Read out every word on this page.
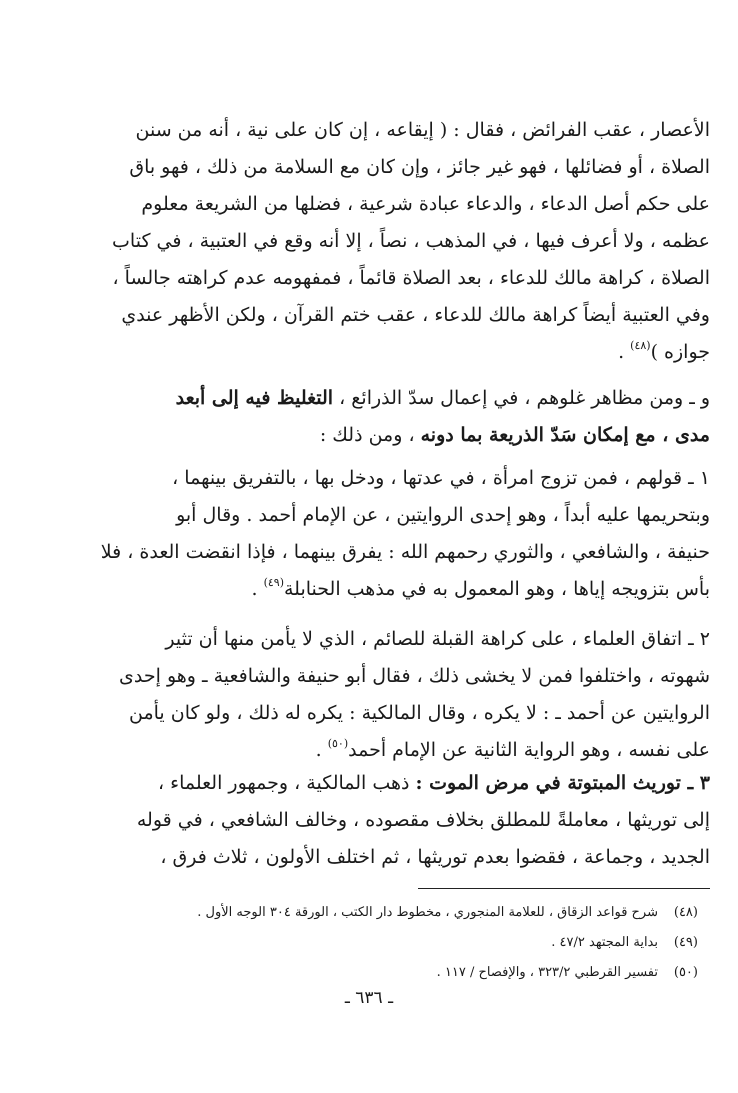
الأعصار ، عقب الفرائض ، فقال : ( إيقاعه ، إن كان على نية ، أنه من سنن
الصلاة ، أو فضائلها ، فهو غير جائز ، وإن كان مع السلامة من ذلك ، فهو باق
على حكم أصل الدعاء ، والدعاء عبادة شرعية ، فضلها من الشريعة معلوم
عظمه ، ولا أعرف فيها ، في المذهب ، نصاً ، إلا أنه وقع في العتبية ، في كتاب
الصلاة ، كراهة مالك للدعاء ، بعد الصلاة قائماً ، فمفهومه عدم كراهته جالساً ،
وفي العتبية أيضاً كراهة مالك للدعاء ، عقب ختم القرآن ، ولكن الأظهر عندي
جوازه )$^{(٤٨)}$ .
و ـ ومن مظاهر غلوهم ، في إعمال سدّ الذرائع ، التغليظ فيه إلى أبعد
مدى ، مع إمكان سَدّ الذريعة بما دونه ، ومن ذلك :
١ ـ قولهم ، فمن تزوج امرأة ، في عدتها ، ودخل بها ، بالتفريق بينهما ،
وبتحريمها عليه أبداً ، وهو إحدى الروايتين ، عن الإمام أحمد . وقال أبو
حنيفة ، والشافعي ، والثوري رحمهم الله : يفرق بينهما ، فإذا انقضت العدة ، فلا
بأس بتزويجه إياها ، وهو المعمول به في مذهب الحنابلة$^{(٤٩)}$ .
٢ ـ اتفاق العلماء ، على كراهة القبلة للصائم ، الذي لا يأمن منها أن تثير
شهوته ، واختلفوا فمن لا يخشى ذلك ، فقال أبو حنيفة والشافعية ـ وهو إحدى
الروايتين عن أحمد ـ : لا يكره ، وقال المالكية : يكره له ذلك ، ولو كان يأمن
على نفسه ، وهو الرواية الثانية عن الإمام أحمد$^{(٥٠)}$ .
٣ ـ توريث المبتوتة في مرض الموت : ذهب المالكية ، وجمهور العلماء ،
إلى توريثها ، معاملةً للمطلق بخلاف مقصوده ، وخالف الشافعي ، في قوله
الجديد ، وجماعة ، فقضوا بعدم توريثها ، ثم اختلف الأولون ، ثلاث فرق ،
(٤٨)شرح قواعد الزقاق ، للعلامة المنجوري ، مخطوط دار الكتب ، الورقة ٣٠٤ الوجه الأول .
(٤٩)بداية المجتهد ٤٧/٢ .
(٥٠)تفسير القرطبي ٣٢٣/٢ ، والإفصاح / ١١٧ .
ـ ٦٣٦ ـ
